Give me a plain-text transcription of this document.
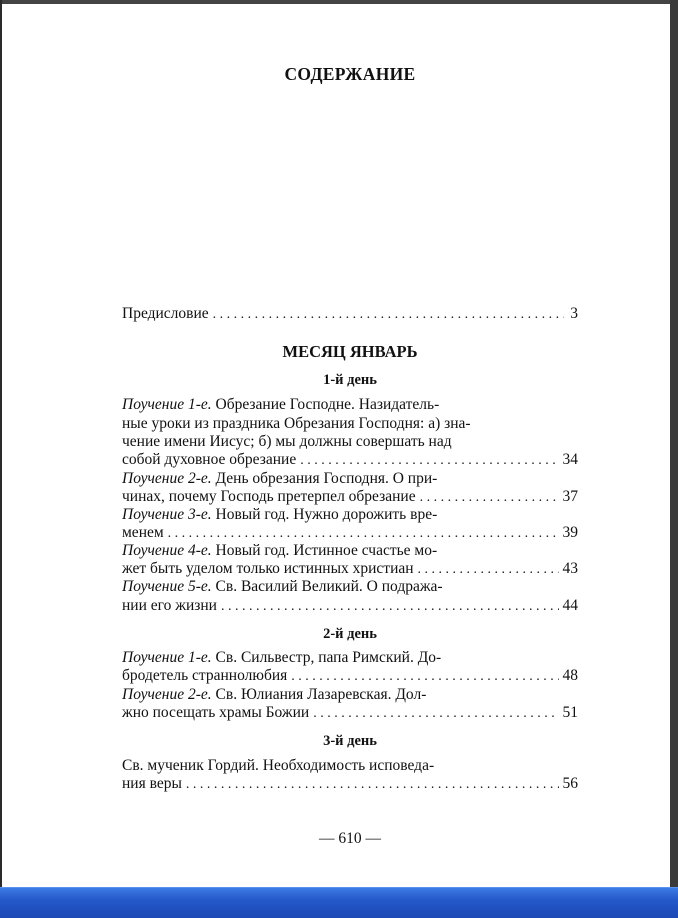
СОДЕРЖАНИЕ
Предисловие . . .	3
МЕСЯЦ ЯНВАРЬ
1-й день
Поучение 1-е. Обрезание Господне. Назидатель-
ные уроки из праздника Обрезания Господня: а) зна-
чение имени Иисус; б) мы должны совершать над
собой духовное обрезание . . .	34
Поучение 2-е. День обрезания Господня. О при-
чинах, почему Господь претерпел обрезание . . .	37
Поучение 3-е. Новый год. Нужно дорожить вре-
менем . . .	39
Поучение 4-е. Новый год. Истинное счастье мо-
жет быть уделом только истинных христиан . . .	43
Поучение 5-е. Св. Василий Великий. О подража-
нии его жизни . . .	44
2-й день
Поучение 1-е. Св. Сильвестр, папа Римский. До-
бродетель страннолюбия . . .	48
Поучение 2-е. Св. Юлиания Лазаревская. Дол-
жно посещать храмы Божии . . .	51
3-й день
Св. мученик Гордий. Необходимость исповеда-
ния веры . . .	56
— 610 —
